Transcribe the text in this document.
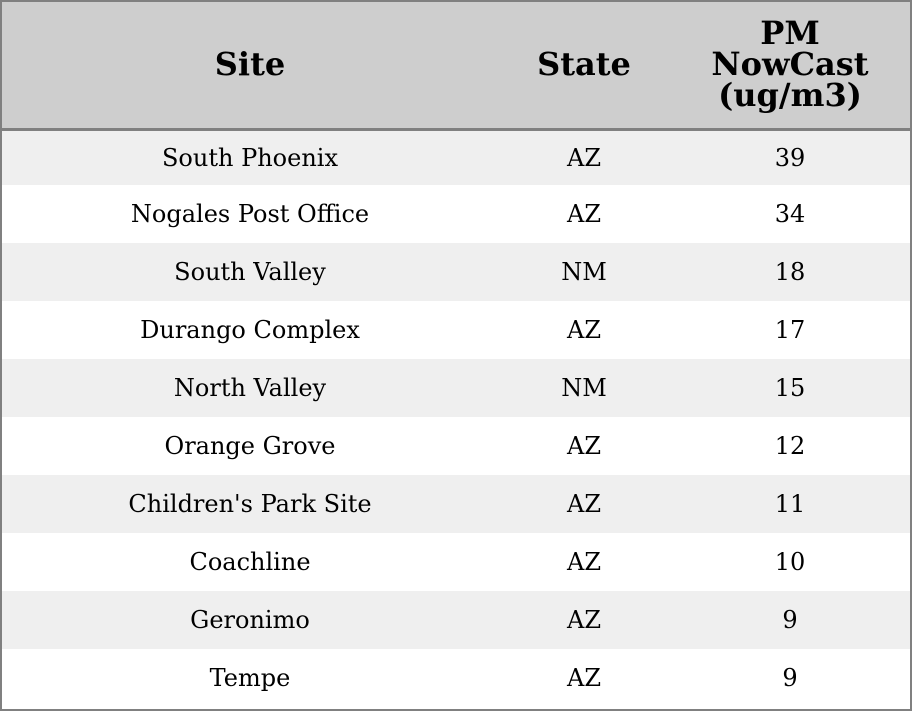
Site	State	PM
NowCast
(ug/m3)

South Phoenix	AZ	39
Nogales Post Office	AZ	34
South Valley	NM	18
Durango Complex	AZ	17
North Valley	NM	15
Orange Grove	AZ	12
Children's Park Site	AZ	11
Coachline	AZ	10
Geronimo	AZ	9
Tempe	AZ	9
